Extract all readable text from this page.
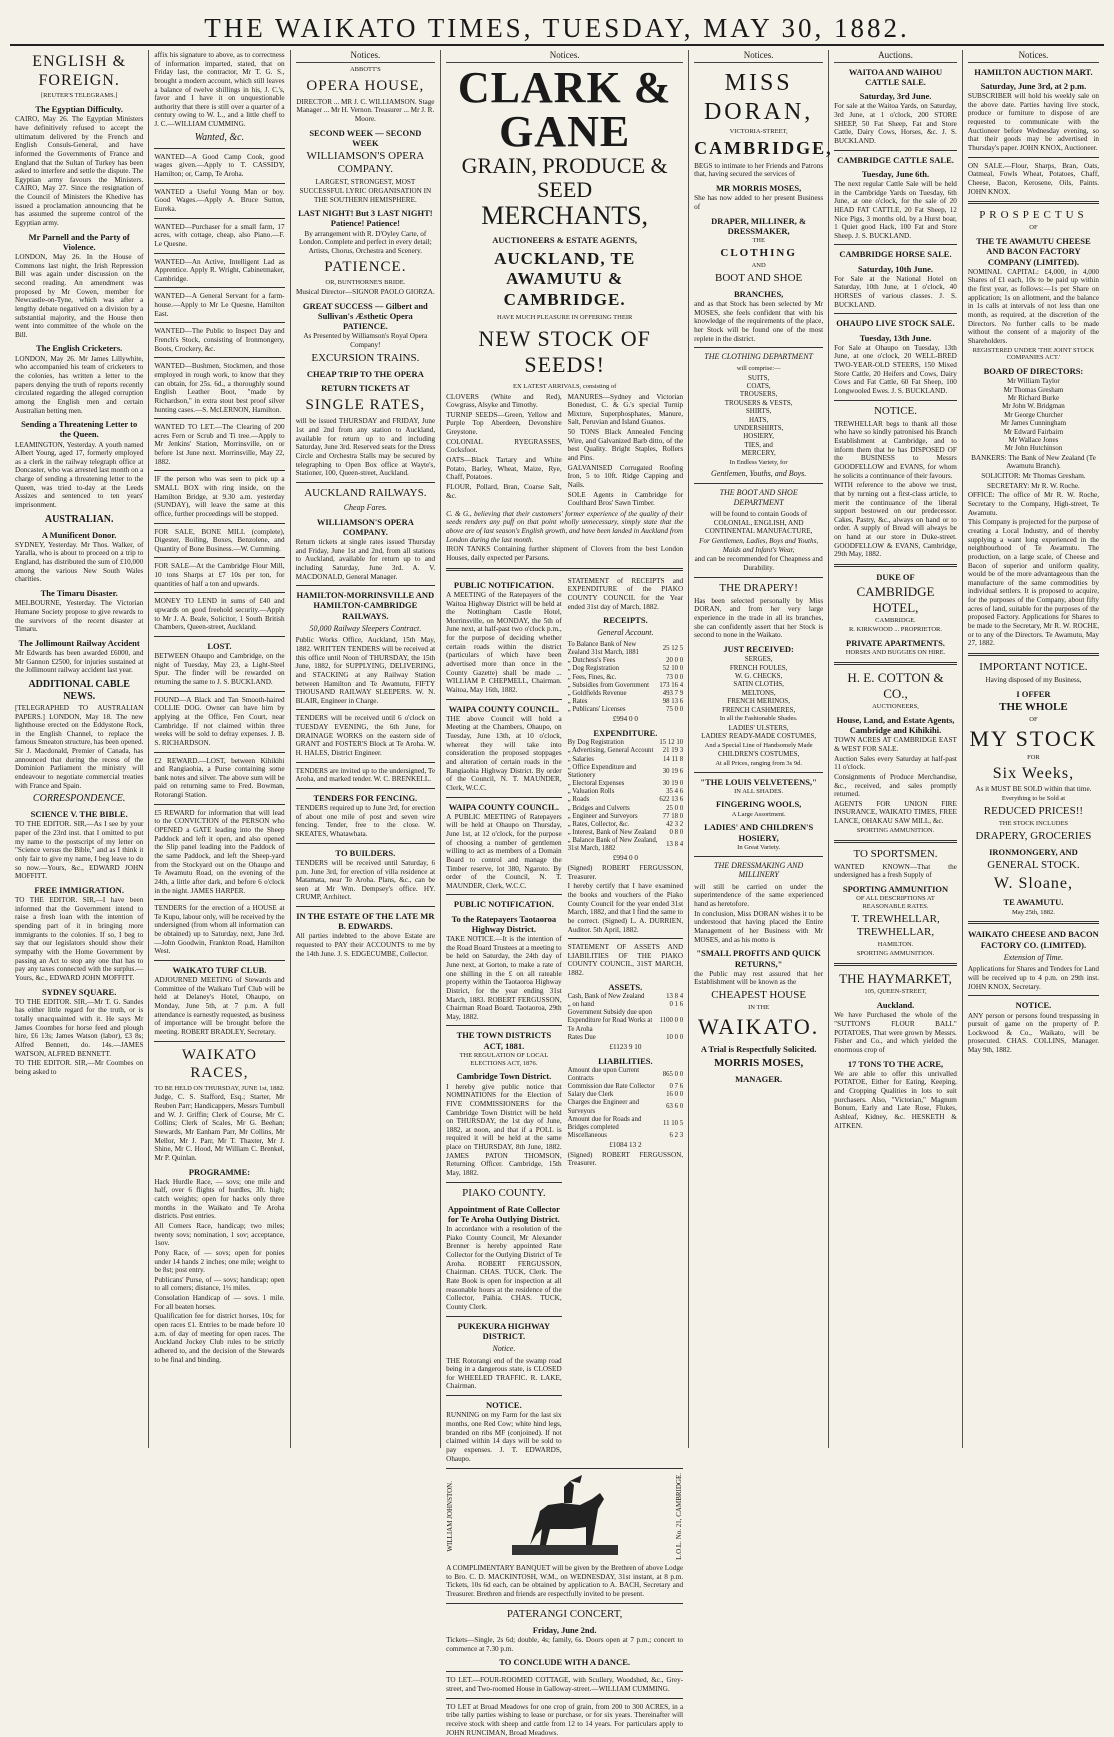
THE WAIKATO TIMES, TUESDAY, MAY 30, 1882.
ENGLISH & FOREIGN.
[REUTER'S TELEGRAMS.]
The Egyptian Difficulty.

CAIRO, May 26. The Egyptian Ministers have definitively refused to accept the ultimatum delivered by the French and English Consuls-General, and have informed the Governments of France and England that the Sultan of Turkey has been asked to interfere and settle the dispute. The Egyptian army favours the Ministers. CAIRO, May 27. Since the resignation of the Council of Ministers the Khedive has issued a proclamation announcing that he has assumed the supreme control of the Egyptian army.

Mr Parnell and the Party of Violence.

LONDON, May 26. In the House of Commons last night, the Irish Repression Bill was again under discussion on the second reading. An amendment was proposed by Mr Cowen, member for Newcastle-on-Tyne, which was after a lengthy debate negatived on a division by a substantial majority, and the House then went into committee of the whole on the Bill.

The English Cricketers.

LONDON, May 26. Mr James Lillywhite, who accompanied his team of cricketers to the colonies, has written a letter to the papers denying the truth of reports recently circulated regarding the alleged corruption among the English men and certain Australian betting men.

Sending a Threatening Letter to the Queen.

LEAMINGTON, Yesterday. A youth named Albert Young, aged 17, formerly employed as a clerk in the railway telegraph office at Doncaster, who was arrested last month on a charge of sending a threatening letter to the Queen, was tried to-day at the Leeds Assizes and sentenced to ten years' imprisonment.

AUSTRALIAN.
A Munificent Donor.

SYDNEY, Yesterday. Mr Thos. Walker, of Yaralla, who is about to proceed on a trip to England, has distributed the sum of £10,000 among the various New South Wales charities.

The Timaru Disaster.

MELBOURNE, Yesterday. The Victorian Humane Society propose to give rewards to the survivors of the recent disaster at Timaru.

The Jollimount Railway Accident

Mr Edwards has been awarded £6000, and Mr Gannon £2500, for injuries sustained at the Jollimount railway accident last year.

ADDITIONAL CABLE NEWS.

[TELEGRAPHED TO AUSTRALIAN PAPERS.] LONDON, May 18. The new lighthouse erected on the Eddystone Rock, in the English Channel, to replace the famous Smeaton structure, has been opened. Sir J. Macdonald, Premier of Canada, has announced that during the recess of the Dominion Parliament the ministry will endeavour to negotiate commercial treaties with France and Spain.

CORRESPONDENCE.
SCIENCE V. THE BIBLE.

TO THE EDITOR. SIR,—As I see by your paper of the 23rd inst. that I omitted to put my name to the postscript of my letter on "Science versus the Bible," and as I think it only fair to give my name, I beg leave to do so now.—Yours, &c., EDWARD JOHN MOFFITT.

FREE IMMIGRATION.

TO THE EDITOR. SIR,—I have been informed that the Government intend to raise a fresh loan with the intention of spending part of it in bringing more immigrants to the colonies. If so, I beg to say that our legislators should show their sympathy with the Home Government by passing an Act to stop any one that has to pay any taxes connected with the surplus.—Yours, &c., EDWARD JOHN MOFFITT.

SYDNEY SQUARE.

TO THE EDITOR. SIR,—Mr T. G. Sandes has either little regard for the truth, or is totally unacquainted with it. He says Mr James Coombes for horse feed and plough hire, £6 13s; James Watson (labor), £3 8s; Alfred Bennett, do. 14s.—JAMES WATSON, ALFRED BENNETT.

TO THE EDITOR. SIR,—Mr Coombes on being asked to

affix his signature to above, as to correctness of information imparted, stated, that on Friday last, the contractor, Mr T. G. S., brought a modern account, which still leaves a balance of twelve shillings in his, J. C.'s, favor and I have it on unquestionable authority that there is still over a quarter of a century owing to W. L., and a little cheff to J. C.—WILLIAM CUMMING.

Wanted, &c.

WANTED—A Good Camp Cook, good wages given.—Apply to T. CASSIDY, Hamilton; or, Camp, Te Aroha.

WANTED a Useful Young Man or boy. Good Wages.—Apply A. Bruce Sutton, Eureka.

WANTED—Purchaser for a small farm, 17 acres, with cottage, cheap, also Piano.—F. Le Quesne.

WANTED—An Active, Intelligent Lad as Apprentice. Apply R. Wright, Cabinetmaker, Cambridge.

WANTED—A General Servant for a farm-house.—Apply to Mr Le Quesne, Hamilton East.

WANTED—The Public to Inspect Day and French's Stock, consisting of Ironmongery, Boots, Crockery, &c.

WANTED—Bushmen, Stockmen, and those employed in rough work, to know that they can obtain, for 25s. 6d., a thoroughly sound English Leather Boot, "made by Richardson," in extra stout best proof silver hunting cases.—S. McLERNON, Hamilton.

WANTED TO LET.—The Clearing of 200 acres Fern or Scrub and Ti tree.—Apply to Mr Jenkins' Station, Morrinsville, on or before 1st June next. Morrinsville, May 22, 1882.

IF the person who was seen to pick up a SMALL BOX with ring inside, on the Hamilton Bridge, at 9.30 a.m. yesterday (SUNDAY), will leave the same at this office, further proceedings will be stopped.

FOR SALE, BONE MILL (complete), Digester, Boiling, Boxes, Benzolene, and Quantity of Bone Business.—W. Cumming.

FOR SALE—At the Cambridge Flour Mill, 10 tons Sharps at £7 10s per ton, for quantities of half a ton and upwards.

MONEY TO LEND in sums of £40 and upwards on good freehold security.—Apply to Mr J. A. Beale, Solicitor, 1 South British Chambers, Queen-street, Auckland.

LOST.

BETWEEN Ohaupo and Cambridge, on the night of Tuesday, May 23, a Light-Steel Spur. The finder will be rewarded on returning the same to J. S. BUCKLAND.

FOUND—A Black and Tan Smooth-haired COLLIE DOG. Owner can have him by applying at the Office, Fen Court, near Cambridge. If not claimed within three weeks will be sold to defray expenses. J. B. S. RICHARDSON.

£2 REWARD.—LOST, between Kihikihi and Rangiaohia, a Purse containing some bank notes and silver. The above sum will be paid on returning same to Fred. Bowman, Rotorangi Station.

£5 REWARD for information that will lead to the CONVICTION of the PERSON who OPENED a GATE leading into the Sheep Paddock and left it open, and also opened the Slip panel leading into the Paddock of the same Paddock, and left the Sheep-yard from the Stockyard out on the Ohaupo and Te Awamutu Road, on the evening of the 24th, a little after dark, and before 6 o'clock in the night. JAMES HARPER.

TENDERS for the erection of a HOUSE at Te Kupu, labour only, will be received by the undersigned (from whom all information can be obtained) up to Saturday, next, June 3rd.—John Goodwin, Frankton Road, Hamilton West.

WAIKATO TURF CLUB.

ADJOURNED MEETING of Stewards and Committee of the Waikato Turf Club will be held at Delaney's Hotel, Ohaupo, on Monday, June 5th, at 7 p.m. A full attendance is earnestly requested, as business of importance will be brought before the meeting. ROBERT BRADLEY, Secretary.

WAIKATO RACES,
TO BE HELD ON THURSDAY, JUNE 1st, 1882.

Judge, C. S. Stafford, Esq.; Starter, Mr Reuben Parr; Handicappers, Messrs Turnbull and W. J. Griffin; Clerk of Course, Mr C. Collins; Clerk of Scales, Mr G. Beehan; Stewards, Mr Eanham Parr, Mr Collins, Mr Mellor, Mr J. Parr, Mr T. Thaxter, Mr J. Shine, Mr C. Hood, Mr William C. Brenkel, Mr P. Quinlan.

PROGRAMME:

Hack Hurdle Race, — sovs; one mile and half, over 6 flights of hurdles, 3ft. high; catch weights; open for hacks only three months in the Waikato and Te Aroha districts. Post entries.

All Comers Race, handicap; two miles; twenty sovs; nomination, 1 sov; acceptance, 1sov.

Pony Race, of — sovs; open for ponies under 14 hands 2 inches; one mile; weight to be 8st; post entry.

Publicans' Purse, of — sovs; handicap; open to all comers; distance, 1½ miles.

Consolation Handicap of — sovs. 1 mile. For all beaten horses.

Qualification fee for district horses, 10s; for open races £1. Entries to be made before 10 a.m. of day of meeting for open races. The Auckland Jockey Club rules to be strictly adhered to, and the decision of the Stewards to be final and binding.

Notices.
ABBOTT'S
OPERA HOUSE,

DIRECTOR ... MR J. C. WILLIAMSON. Stage Manager ... Mr H. Vernon. Treasurer ... Mr J. R. Moore.

SECOND WEEK — SECOND WEEK
WILLIAMSON'S OPERA COMPANY.

LARGEST, STRONGEST, MOST SUCCESSFUL LYRIC ORGANISATION IN THE SOUTHERN HEMISPHERE.

LAST NIGHT! But 3 LAST NIGHT! Patience! Patience!

By arrangement with R. D'Oyley Carte, of London. Complete and perfect in every detail; Artists, Chorus, Orchestra and Scenery.

PATIENCE.
OR, BUNTHORNE'S BRIDE.

Musical Director—SIGNOR PAOLO GIORZA.

GREAT SUCCESS — Gilbert and Sullivan's Æsthetic Opera PATIENCE.

As Presented by Williamson's Royal Opera Company!

EXCURSION TRAINS.
CHEAP TRIP TO THE OPERA
RETURN TICKETS AT
SINGLE RATES,

will be issued THURSDAY and FRIDAY, June 1st and 2nd from any station to Auckland, available for return up to and including Saturday, June 3rd. Reserved seats for the Dress Circle and Orchestra Stalls may be secured by telegraphing to Open Box office at Wayte's, Stationer, 100, Queen-street, Auckland.

AUCKLAND RAILWAYS.
Cheap Fares.
WILLIAMSON'S OPERA COMPANY.

Return tickets at single rates issued Thursday and Friday, June 1st and 2nd, from all stations to Auckland, available for return up to and including Saturday, June 3rd. A. V. MACDONALD, General Manager.

HAMILTON-MORRINSVILLE AND HAMILTON-CAMBRIDGE RAILWAYS.
50,000 Railway Sleepers Contract.

Public Works Office, Auckland, 15th May, 1882. WRITTEN TENDERS will be received at this office until Noon of THURSDAY, the 15th June, 1882, for SUPPLYING, DELIVERING, and STACKING at any Railway Station between Hamilton and Te Awamutu, FIFTY THOUSAND RAILWAY SLEEPERS. W. N. BLAIR, Engineer in Charge.

TENDERS will be received until 6 o'clock on TUESDAY EVENING, the 6th June, for DRAINAGE WORKS on the eastern side of GRANT and FOSTER'S Block at Te Aroha. W. H. HALES, District Engineer.

TENDERS are invited up to the undersigned, Te Aroha, and marked tender. W. C. BRENKELL.

TENDERS FOR FENCING.

TENDERS required up to June 3rd, for erection of about one mile of post and seven wire fencing. Tender, free to the close. W. SKEATES, Whatawhata.

TO BUILDERS.

TENDERS will be received until Saturday, 6 p.m. June 3rd, for erection of villa residence at Matamata, near Te Aroha. Plans, &c., can be seen at Mr Wm. Dempsey's office. HY. CRUMP, Architect.

IN THE ESTATE OF THE LATE MR B. EDWARDS.

All parties indebted to the above Estate are requested to PAY their ACCOUNTS to me by the 14th June. J. S. EDGECUMBE, Collector.

Notices.
CLARK & GANE
GRAIN, PRODUCE & SEED
MERCHANTS,
AUCTIONEERS & ESTATE AGENTS,
AUCKLAND, TE AWAMUTU & CAMBRIDGE.
HAVE MUCH PLEASURE IN OFFERING THEIR
NEW STOCK OF SEEDS!
EX LATEST ARRIVALS, consisting of

CLOVERS (White and Red), Cowgrass, Alsyke and Timothy.

TURNIP SEEDS—Green, Yellow and Purple Top Aberdeen, Devonshire Greystone.

COLONIAL RYEGRASSES, Cocksfoot.

OATS—Black Tartary and White Potato, Barley, Wheat, Maize, Rye, Chaff, Potatoes.

FLOUR, Pollard, Bran, Coarse Salt, &c.

MANURES—Sydney and Victorian Bonedust, C. & G.'s special Turnip Mixture, Superphosphates, Manure, Salt, Peruvian and Island Guanos.

50 TONS Black Annealed Fencing Wire, and Galvanized Barb ditto, of the best Quality. Bright Staples, Rollers and Pins.

GALVANISED Corrugated Roofing Iron, 5 to 10ft. Ridge Capping and Nails.

SOLE Agents in Cambridge for Coulthard Bros' Sawn Timber.

C. & G., believing that their customers' former experience of the quality of their seeds renders any puff on that point wholly unnecessary, simply state that the above are of last season's English growth, and have been landed in Auckland from London during the last month.

IRON TANKS Containing further shipment of Clovers from the best London Houses, daily expected per Parsons.

PUBLIC NOTIFICATION.

A MEETING of the Ratepayers of the Waitoa Highway District will be held at the Nottingham Castle Hotel, Morrinsville, on MONDAY, the 5th of June next, at half-past two o'clock p.m., for the purpose of deciding whether certain roads within the district (particulars of which have been advertised more than once in the County Gazette) shall be made ... WILLIAM P. CHEPMELL, Chairman. Waitoa, May 16th, 1882.

WAIPA COUNTY COUNCIL.

THE above Council will hold a Meeting at the Chambers, Ohaupo, on Tuesday, June 13th, at 10 o'clock, whereat they will take into consideration the proposed stoppages and alteration of certain roads in the Rangiaohia Highway District. By order of the Council, N. T. MAUNDER, Clerk, W.C.C.

WAIPA COUNTY COUNCIL.

A PUBLIC MEETING of Ratepayers will be held at Ohaupo on Thursday, June 1st, at 12 o'clock, for the purpose of choosing a number of gentlemen willing to act as members of a Domain Board to control and manage the Timber reserve, lot 380, Ngaroto. By order of the Council, N. T. MAUNDER, Clerk, W.C.C.

PUBLIC NOTIFICATION.
To the Ratepayers Taotaoroa Highway District.

TAKE NOTICE.—It is the intention of the Road Board Trustees at a meeting to be held on Saturday, the 24th day of June next, at Gorton, to make a rate of one shilling in the £ on all rateable property within the Taotaoroa Highway District, for the year ending 31st March, 1883. ROBERT FERGUSSON, Chairman Road Board. Taotaoroa, 29th May, 1882.

THE TOWN DISTRICTS ACT, 1881.
THE REGULATION OF LOCAL ELECTIONS ACT, 1876.
Cambridge Town District.

I hereby give public notice that NOMINATIONS for the Election of FIVE COMMISSIONERS for the Cambridge Town District will be held on THURSDAY, the 1st day of June, 1882, at noon, and that if a POLL is required it will be held at the same place on THURSDAY, 8th June, 1882. JAMES PATON THOMSON, Returning Officer. Cambridge, 15th May, 1882.

PIAKO COUNTY.
Appointment of Rate Collector for Te Aroha Outlying District.

In accordance with a resolution of the Piako County Council, Mr Alexander Brenner is hereby appointed Rate Collector for the Outlying District of Te Aroha. ROBERT FERGUSSON, Chairman. CHAS. TUCK, Clerk. The Rate Book is open for inspection at all reasonable hours at the residence of the Collector, Paihia. CHAS. TUCK, County Clerk.

PUKEKURA HIGHWAY DISTRICT.
Notice.

THE Rotorangi end of the swamp road being in a dangerous state, is CLOSED for WHEELED TRAFFIC. R. LAKE, Chairman.

NOTICE.

RUNNING on my Farm for the last six months, one Red Cow; white hind legs, branded on ribs MF (conjoined). If not claimed within 14 days will be sold to pay expenses. J. T. EDWARDS, Ohaupo.

STATEMENT of RECEIPTS and EXPENDITURE of the PIAKO COUNTY COUNCIL for the Year ended 31st day of March, 1882.

RECEIPTS.
General Account.
To Balance Bank of New Zealand 31st March, 1881	25 12 5
„ Dutchess's Fees	20 0 0
„ Dog Registration	52 10 0
„ Fees, Fines, &c.	73 0 0
„ Subsidies from Government	173 16 4
„ Goldfields Revenue	493 7 9
„ Rates	98 13 6
„ Publicans' Licenses	75 0 0

£994 0 0

EXPENDITURE.
By Dog Registration	15 12 10
„ Advertising, General Account	21 19 3
„ Salaries	14 11 8
„ Office Expenditure and Stationery	30 19 6
„ Electoral Expenses	30 19 0
„ Valuation Rolls	35 4 6
„ Roads	622 13 6
„ Bridges and Culverts	25 0 0
„ Engineer and Surveyors	77 18 0
„ Rates, Collector, &c.	42 3 2
„ Interest, Bank of New Zealand	0 8 0
„ Balance Bank of New Zealand, 31st March, 1882	13 8 4

£994 0 0

(Signed) ROBERT FERGUSSON, Treasurer.

I hereby certify that I have examined the books and vouchers of the Piako County Council for the year ended 31st March, 1882, and that I find the same to be correct. (Signed) L. A. DURRIEN, Auditor. 5th April, 1882.

STATEMENT OF ASSETS AND LIABILITIES OF THE PIAKO COUNTY COUNCIL, 31ST MARCH, 1882.

ASSETS.
Cash, Bank of New Zealand	13 8 4
„ on hand	0 1 6
Government Subsidy due upon Expenditure for Road Works at Te Aroha	1100 0 0
Rates Due	10 0 0

£1123 9 10

LIABILITIES.
Amount due upon Current Contracts	865 0 0
Commission due Rate Collector	0 7 6
Salary due Clerk	16 0 0
Charges due Engineer and Surveyors	63 6 0
Amount due for Roads and Bridges completed	11 10 5
Miscellaneous	6 2 3

£1084 13 2

(Signed) ROBERT FERGUSSON, Treasurer.

WILLIAM JOHNSTON.	L.O.L. No. 21, CAMBRIDGE.

A COMPLIMENTARY BANQUET will be given by the Brethren of above Lodge to Bro. C. D. MACKINTOSH, W.M., on WEDNESDAY, 31st instant, at 8 p.m. Tickets, 10s 6d each, can be obtained by application to A. BACH, Secretary and Treasurer. Brethren and friends are respectfully invited to be present.

PATERANGI CONCERT,
Friday, June 2nd.

Tickets—Single, 2s 6d; double, 4s; family, 6s. Doors open at 7 p.m.; concert to commence at 7.30 p.m.

TO CONCLUDE WITH A DANCE.

TO LET.—FOUR-ROOMED COTTAGE, with Scullery, Woodshed, &c., Grey-street, and Two-roomed House in Galloway-street.—WILLIAM CUMMING.

TO LET at Broad Meadows for one crop of grain, from 200 to 300 ACRES, in a tribe tally parties wishing to lease or purchase, or for six years. Thereinafter will receive stock with sheep and cattle from 12 to 14 years. For particulars apply to JOHN RUNCIMAN, Broad Meadows.

Notices.
MISS DORAN,
VICTORIA-STREET,
CAMBRIDGE,

BEGS to intimate to her Friends and Patrons that, having secured the services of

MR MORRIS MOSES,

She has now added to her present Business of

DRAPER, MILLINER, & DRESSMAKER,
THE
CLOTHING
AND
BOOT AND SHOE
BRANCHES,

and as that Stock has been selected by Mr MOSES, she feels confident that with his knowledge of the requirements of the place, her Stock will be found one of the most replete in the district.

THE CLOTHING DEPARTMENT
will comprise:—
SUITS,
COATS,
TROUSERS,
TROUSERS & VESTS,
SHIRTS,
HATS,
UNDERSHIRTS,
HOSIERY,
TIES, and
MERCERY,
In Endless Variety, for
Gentlemen, Youths, and Boys.
THE BOOT AND SHOE DEPARTMENT

will be found to contain Goods of COLONIAL, ENGLISH, AND CONTINENTAL MANUFACTURE,

For Gentlemen, Ladies, Boys and Youths, Maids and Infant's Wear,

and can be recommended for Cheapness and Durability.

THE DRAPERY!

Has been selected personally by Miss DORAN, and from her very large experience in the trade in all its branches, she can confidently assert that her Stock is second to none in the Waikato.

JUST RECEIVED:
SERGES,
FRENCH FOULES,
W. G. CHECKS,
SATIN CLOTHS,
MELTONS,
FRENCH MERINOS,
FRENCH CASHMERES,
In all the Fashionable Shades.
LADIES' ULSTERS,
LADIES' READY-MADE COSTUMES,
And a Special Line of Handsomely Made
CHILDREN'S COSTUMES,
At all Prices, ranging from 3s 9d.
"THE LOUIS VELVETEENS,"
IN ALL SHADES.
FINGERING WOOLS,
A Large Assortment.
LADIES' AND CHILDREN'S HOSIERY,
In Great Variety.
THE DRESSMAKING AND MILLINERY

will still be carried on under the superintendence of the same experienced hand as heretofore.

In conclusion, Miss DORAN wishes it to be understood that having placed the Entire Management of her Business with Mr MOSES, and as his motto is

"SMALL PROFITS AND QUICK RETURNS,"

the Public may rest assured that her Establishment will be known as the

CHEAPEST HOUSE
IN THE
WAIKATO.
A Trial is Respectfully Solicited.
MORRIS MOSES,
MANAGER.
Auctions.
WAITOA AND WAIHOU CATTLE SALE.
Saturday, 3rd June.

For sale at the Waitoa Yards, on Saturday, 3rd June, at 1 o'clock, 200 STORE SHEEP, 50 Fat Sheep, Fat and Store Cattle, Dairy Cows, Horses, &c. J. S. BUCKLAND.

CAMBRIDGE CATTLE SALE.
Tuesday, June 6th.

The next regular Cattle Sale will be held in the Cambridge Yards on Tuesday, 6th June, at one o'clock, for the sale of 20 HEAD FAT CATTLE, 20 Fat Sheep, 12 Nice Pigs, 3 months old, by a Hurst boar, 1 Quiet good Hack, 100 Fat and Store Sheep. J. S. BUCKLAND.

CAMBRIDGE HORSE SALE.
Saturday, 10th June.

For Sale at the National Hotel on Saturday, 10th June, at 1 o'clock, 40 HORSES of various classes. J. S. BUCKLAND.

OHAUPO LIVE STOCK SALE.
Tuesday, 13th June.

For Sale at Ohaupo on Tuesday, 13th June, at one o'clock, 20 WELL-BRED TWO-YEAR-OLD STEERS, 150 Mixed Store Cattle, 20 Heifers and Cows, Dairy Cows and Fat Cattle, 60 Fat Sheep, 100 Longwooled Ewes. J. S. BUCKLAND.

NOTICE.

TREWHELLAR begs to thank all those who have so kindly patronised his Branch Establishment at Cambridge, and to inform them that he has DISPOSED OF the BUSINESS to Messrs GOODFELLOW and EVANS, for whom he solicits a continuance of their favours.

WITH reference to the above we trust, that by turning out a first-class article, to merit the continuance of the liberal support bestowed on our predecessor. Cakes, Pastry, &c., always on hand or to order. A supply of Bread will always be on hand at our store in Duke-street. GOODFELLOW & EVANS, Cambridge, 29th May, 1882.

DUKE OF
CAMBRIDGE HOTEL,
CAMBRIDGE.
R. KIRKWOOD ... PROPRIETOR.
PRIVATE APARTMENTS.
HORSES AND BUGGIES ON HIRE.
H. E. COTTON & CO.,
AUCTIONEERS,
House, Land, and Estate Agents, Cambridge and Kihikihi.

TOWN ACRES AT CAMBRIDGE EAST & WEST FOR SALE.

Auction Sales every Saturday at half-past 11 o'clock.

Consignments of Produce Merchandise, &c., received, and sales promptly returned.

AGENTS FOR UNION FIRE INSURANCE, WAIKATO TIMES, FREE LANCE, OHAKAU SAW MILL, &c.

SPORTING AMMUNITION.
TO SPORTSMEN.

WANTED KNOWN—That the undersigned has a fresh Supply of

SPORTING AMMUNITION
OF ALL DESCRIPTIONS AT REASONABLE RATES.
T. TREWHELLAR, TREWHELLAR,
HAMILTON.
SPORTING AMMUNITION.
THE HAYMARKET,
105, QUEEN-STREET,
Auckland.

We have Purchased the whole of the "SUTTON'S FLOUR BALL" POTATOES, That were grown by Messrs. Fisher and Co., and which yielded the enormous crop of

17 TONS TO THE ACRE,

We are able to offer this unrivalled POTATOE, Either for Eating, Keeping, and Cropping Qualities in lots to suit purchasers. Also, "Victorian," Magnum Bonum, Early and Late Rose, Flukes, Ashleaf, Kidney, &c. HESKETH & AITKEN.

Notices.
HAMILTON AUCTION MART.
Saturday, June 3rd, at 2 p.m.

SUBSCRIBER will hold his weekly sale on the above date. Parties having live stock, produce or furniture to dispose of are requested to communicate with the Auctioneer before Wednesday evening, so that their goods may be advertised in Thursday's paper. JOHN KNOX, Auctioneer.

ON SALE.—Flour, Sharps, Bran, Oats, Oatmeal, Fowls Wheat, Potatoes, Chaff, Cheese, Bacon, Kerosene, Oils, Paints. JOHN KNOX.

PROSPECTUS
OF
THE TE AWAMUTU CHEESE AND BACON FACTORY COMPANY (LIMITED).

NOMINAL CAPITAL: £4,000, in 4,000 Shares of £1 each, 10s to be paid up within the first year, as follows:—1s per Share on application; 1s on allotment, and the balance in 1s calls at intervals of not less than one month, as required, at the discretion of the Directors. No further calls to be made without the consent of a majority of the Shareholders.

REGISTERED UNDER 'THE JOINT STOCK COMPANIES ACT.'
BOARD OF DIRECTORS:
Mr William Taylor
Mr Thomas Gresham
Mr Richard Burke
Mr John W. Bridgman
Mr George Churcher
Mr James Cunningham
Mr Edward Fairbairn
Mr Wallace Jones
Mr John Hutchinson

BANKERS: The Bank of New Zealand (Te Awamutu Branch).

SOLICITOR: Mr Thomas Gresham.

SECRETARY: Mr R. W. Roche.

OFFICE: The office of Mr R. W. Roche, Secretary to the Company, High-street, Te Awamutu.

This Company is projected for the purpose of creating a Local Industry, and of thereby supplying a want long experienced in the neighbourhood of Te Awamutu. The production, on a large scale, of Cheese and Bacon of superior and uniform quality, would be of the more advantageous than the manufacture of the same commodities by individual settlers. It is proposed to acquire, for the purposes of the Company, about fifty acres of land, suitable for the purposes of the proposed Factory. Applications for Shares to be made to the Secretary, Mr R. W. ROCHE, or to any of the Directors. Te Awamutu, May 27, 1882.

IMPORTANT NOTICE.

Having disposed of my Business,

I OFFER
THE WHOLE
OF
MY STOCK
FOR
Six Weeks,

As it MUST BE SOLD within that time.

Everything to be Sold at
REDUCED PRICES!!
THE STOCK INCLUDES
DRAPERY, GROCERIES
IRONMONGERY, AND
GENERAL STOCK.
W. Sloane,
TE AWAMUTU.
May 25th, 1882.
WAIKATO CHEESE AND BACON FACTORY CO. (LIMITED).
Extension of Time.

Applications for Shares and Tenders for Land will be received up to 4 p.m. on 29th inst. JOHN KNOX, Secretary.

NOTICE.

ANY person or persons found trespassing in pursuit of game on the property of P. Lockwood & Co., Waikato, will be prosecuted. CHAS. COLLINS, Manager. May 9th, 1882.
